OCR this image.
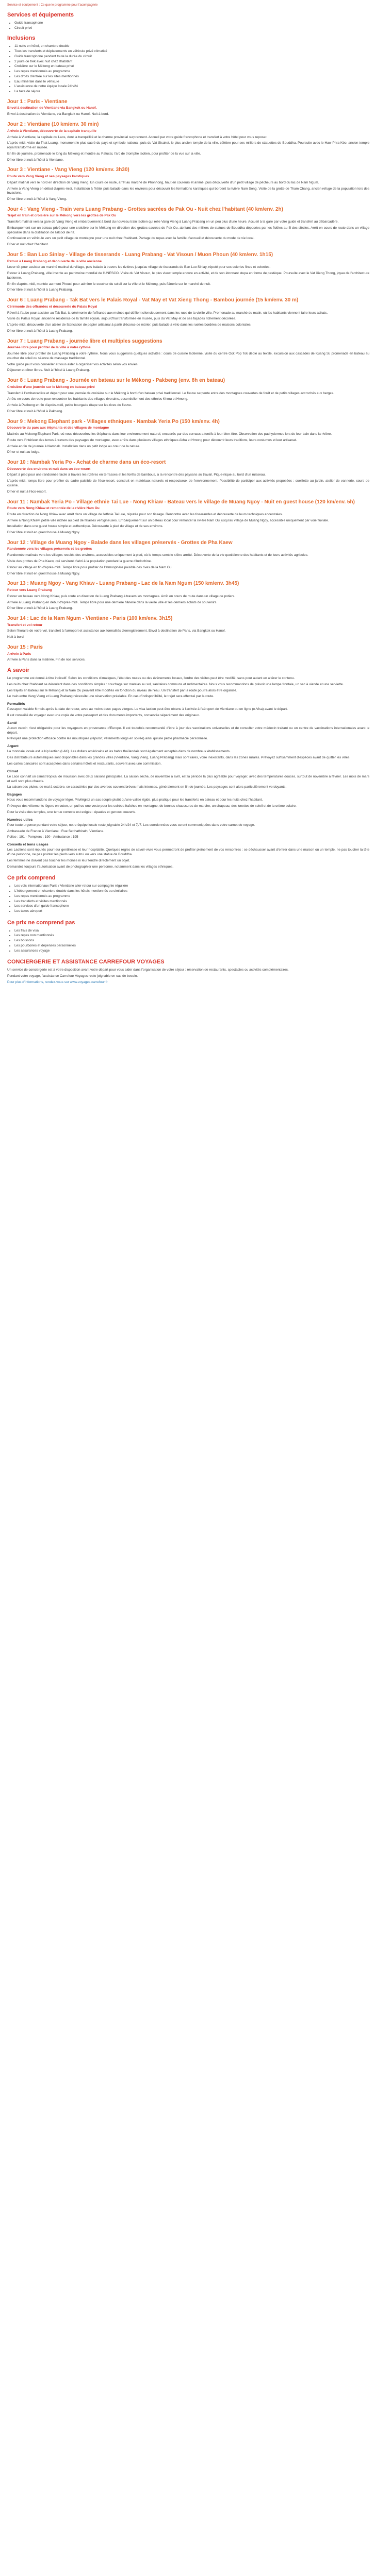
Service et équipement : Ce que le programme pour l'acompagnée
Services et équipements
• Guide francophone
• Circuit privé
Inclusions
• 11 nuits en hôtel, en chambre double
• Tous les transferts et déplacements en véhicule privé climatisé
• Guide francophone pendant toute la durée du circuit
• 2 jours de trek avec nuit chez l'habitant
• Croisière sur le Mékong en bateau privé
• Les repas mentionnés au programme
• Les droits d'entrée sur les sites mentionnés
• Eau minérale dans le véhicule
• L'assistance de notre équipe locale 24h/24
• La taxe de séjour
Jour 1 : Paris - Vientiane
Envol à destination de Vientiane via Bangkok ou Hanoï.

Envol à destination de Vientiane, via Bangkok ou Hanoï. Nuit à bord.

Jour 2 : Vientiane (10 km/env. 30 min)
Arrivée à Vientiane, découverte de la capitale tranquille

Arrivée à Vientiane, la capitale du Laos, dont la tranquillité et le charme provincial surprennent. Accueil par votre guide francophone et transfert à votre hôtel pour vous reposer.

L'après-midi, visite du That Luang, monument le plus sacré du pays et symbole national, puis du Vat Sisaket, le plus ancien temple de la ville, célèbre pour ses milliers de statuettes de Bouddha. Poursuite avec le Haw Phra Kéo, ancien temple royal transformé en musée.

En fin de journée, promenade le long du Mékong et montée au Patuxai, l'arc de triomphe laotien, pour profiter de la vue sur la ville.

Dîner libre et nuit à l'hôtel à Vientiane.

Jour 3 : Vientiane - Vang Vieng (120 km/env. 3h30)
Route vers Vang Vieng et ses paysages karstiques

Départ matinal vers le nord en direction de Vang Vieng. En cours de route, arrêt au marché de Phonhong, haut en couleurs et animé, puis découverte d'un petit village de pêcheurs au bord du lac de Nam Ngum.

Arrivée à Vang Vieng en début d'après-midi. Installation à l'hôtel puis balade dans les environs pour découvrir les formations karstiques qui bordent la rivière Nam Song. Visite de la grotte de Tham Chang, ancien refuge de la population lors des invasions.

Dîner libre et nuit à l'hôtel à Vang Vieng.

Jour 4 : Vang Vieng - Train vers Luang Prabang - Grottes sacrées de Pak Ou - Nuit chez l'habitant (40 km/env. 2h)
Trajet en train et croisière sur le Mékong vers les grottes de Pak Ou

Transfert matinal vers la gare de Vang Vieng et embarquement à bord du nouveau train laotien qui relie Vang Vieng à Luang Prabang en un peu plus d'une heure. Accueil à la gare par votre guide et transfert au débarcadère.

Embarquement sur un bateau privé pour une croisière sur le Mékong en direction des grottes sacrées de Pak Ou, abritant des milliers de statues de Bouddha déposées par les fidèles au fil des siècles. Arrêt en cours de route dans un village spécialisé dans la distillation de l'alcool de riz.

Continuation en véhicule vers un petit village de montagne pour une nuit chez l'habitant. Partage du repas avec la famille d'accueil et découverte du mode de vie local.

Dîner et nuit chez l'habitant.

Jour 5 : Ban Luo Sinlay - Village de tisserands - Luang Prabang - Vat Visoun / Muon Phoun (40 km/env. 1h15)
Retour à Luang Prabang et découverte de la ville ancienne

Lever tôt pour assister au marché matinal du village, puis balade à travers les rizières jusqu'au village de tisserands de Ban Luo Sinlay, réputé pour ses soieries fines et colorées.

Retour à Luang Prabang, ville inscrite au patrimoine mondial de l'UNESCO. Visite du Vat Visoun, le plus vieux temple encore en activité, et de son étonnant stupa en forme de pastèque. Poursuite avec le Vat Xieng Thong, joyau de l'architecture laotienne.

En fin d'après-midi, montée au mont Phousi pour admirer le coucher du soleil sur la ville et le Mékong, puis flânerie sur le marché de nuit.

Dîner libre et nuit à l'hôtel à Luang Prabang.

Jour 6 : Luang Prabang - Tak Bat vers le Palais Royal - Vat May et Vat Xieng Thong - Bambou journée (15 km/env. 30 m)
Cérémonie des offrandes et découverte du Palais Royal

Réveil à l'aube pour assister au Tak Bat, la cérémonie de l'offrande aux moines qui défilent silencieusement dans les rues de la vieille ville. Promenade au marché du matin, où les habitants viennent faire leurs achats.

Visite du Palais Royal, ancienne résidence de la famille royale, aujourd'hui transformée en musée, puis du Vat May et de ses façades richement décorées.

L'après-midi, découverte d'un atelier de fabrication de papier artisanal à partir d'écorce de mûrier, puis balade à vélo dans les ruelles bordées de maisons coloniales.

Dîner libre et nuit à l'hôtel à Luang Prabang.

Jour 7 : Luang Prabang - journée libre et multiples suggestions
Journée libre pour profiter de la ville à votre rythme

Journée libre pour profiter de Luang Prabang à votre rythme. Nous vous suggérons quelques activités : cours de cuisine laotienne, visite du centre Ock Pop Tok dédié au textile, excursion aux cascades de Kuang Si, promenade en bateau au coucher du soleil ou séance de massage traditionnel.

Votre guide peut vous conseiller et vous aider à organiser vos activités selon vos envies.

Déjeuner et dîner libres. Nuit à l'hôtel à Luang Prabang.

Jour 8 : Luang Prabang - Journée en bateau sur le Mékong - Pakbeng (env. 8h en bateau)
Croisière d'une journée sur le Mékong en bateau privé

Transfert à l'embarcadère et départ pour une journée de croisière sur le Mékong à bord d'un bateau privé traditionnel. Le fleuve serpente entre des montagnes couvertes de forêt et de petits villages accrochés aux berges.

Arrêts en cours de route pour rencontrer les habitants des villages riverains, essentiellement des ethnies Khmu et Hmong.

Arrivée à Pakbeng en fin d'après-midi, petite bourgade étape sur les rives du fleuve.

Dîner libre et nuit à l'hôtel à Pakbeng.

Jour 9 : Mekong Elephant park - Villages ethniques - Nambak Yeria Po (150 km/env. 4h)
Découverte du parc aux éléphants et des villages de montagne

Matinée au Mekong Elephant Park, où vous découvrirez les éléphants dans leur environnement naturel, encadrés par des cornacs attentifs à leur bien-être. Observation des pachydermes lors de leur bain dans la rivière.

Route vers l'intérieur des terres à travers des paysages de montagne, avec arrêts dans plusieurs villages ethniques Akha et Hmong pour découvrir leurs traditions, leurs costumes et leur artisanat.

Arrivée en fin de journée à Nambak. Installation dans un petit lodge au cœur de la nature.

Dîner et nuit au lodge.

Jour 10 : Nambak Yeria Po - Achat de charme dans un éco-resort
Découverte des environs et nuit dans un éco-resort

Départ à pied pour une randonnée facile à travers les rizières en terrasses et les forêts de bambous, à la rencontre des paysans au travail. Pique-nique au bord d'un ruisseau.

L'après-midi, temps libre pour profiter du cadre paisible de l'éco-resort, construit en matériaux naturels et respectueux de l'environnement. Possibilité de participer aux activités proposées : cueillette au jardin, atelier de vannerie, cours de cuisine.

Dîner et nuit à l'éco-resort.

Jour 11 : Nambak Yeria Po - Village ethnie Tai Lue - Nong Khiaw - Bateau vers le village de Muang Ngoy - Nuit en guest house (120 km/env. 5h)
Route vers Nong Khiaw et remontée de la rivière Nam Ou

Route en direction de Nong Khiaw avec arrêt dans un village de l'ethnie Tai Lue, réputée pour son tissage. Rencontre avec les tisserandes et découverte de leurs techniques ancestrales.

Arrivée à Nong Khiaw, petite ville nichée au pied de falaises vertigineuses. Embarquement sur un bateau local pour remonter la rivière Nam Ou jusqu'au village de Muang Ngoy, accessible uniquement par voie fluviale.

Installation dans une guest house simple et authentique. Découverte à pied du village et de ses environs.

Dîner libre et nuit en guest house à Muang Ngoy.

Jour 12 : Village de Muang Ngoy - Balade dans les villages préservés - Grottes de Pha Kaew
Randonnée vers les villages préservés et les grottes

Randonnée matinale vers les villages reculés des environs, accessibles uniquement à pied, où le temps semble s'être arrêté. Découverte de la vie quotidienne des habitants et de leurs activités agricoles.

Visite des grottes de Pha Kaew, qui servirent d'abri à la population pendant la guerre d'Indochine.

Retour au village en fin d'après-midi. Temps libre pour profiter de l'atmosphère paisible des rives de la Nam Ou.

Dîner libre et nuit en guest house à Muang Ngoy.

Jour 13 : Muang Ngoy - Vang Khiaw - Luang Prabang - Lac de la Nam Ngum (150 km/env. 3h45)
Retour vers Luang Prabang

Retour en bateau vers Nong Khiaw, puis route en direction de Luang Prabang à travers les montagnes. Arrêt en cours de route dans un village de potiers.

Arrivée à Luang Prabang en début d'après-midi. Temps libre pour une dernière flânerie dans la vieille ville et les derniers achats de souvenirs.

Dîner libre et nuit à l'hôtel à Luang Prabang.

Jour 14 : Lac de la Nam Ngum - Vientiane - Paris (100 km/env. 3h15)
Transfert et vol retour

Selon l'horaire de votre vol, transfert à l'aéroport et assistance aux formalités d'enregistrement. Envol à destination de Paris, via Bangkok ou Hanoï.

Nuit à bord.

Jour 15 : Paris
Arrivée à Paris

Arrivée à Paris dans la matinée. Fin de nos services.

A savoir

Le programme est donné à titre indicatif. Selon les conditions climatiques, l'état des routes ou des événements locaux, l'ordre des visites peut être modifié, sans pour autant en altérer le contenu.

Les nuits chez l'habitant se déroulent dans des conditions simples : couchage sur matelas au sol, sanitaires communs et rudimentaires. Nous vous recommandons de prévoir une lampe frontale, un sac à viande et une serviette.

Les trajets en bateau sur le Mékong et la Nam Ou peuvent être modifiés en fonction du niveau de l'eau. Un transfert par la route pourra alors être organisé.

Le train entre Vang Vieng et Luang Prabang nécessite une réservation préalable. En cas d'indisponibilité, le trajet sera effectué par la route.

Formalités

Passeport valable 6 mois après la date de retour, avec au moins deux pages vierges. Le visa laotien peut être obtenu à l'arrivée à l'aéroport de Vientiane ou en ligne (e-Visa) avant le départ.

Il est conseillé de voyager avec une copie de votre passeport et des documents importants, conservée séparément des originaux.

Santé

Aucun vaccin n'est obligatoire pour les voyageurs en provenance d'Europe. Il est toutefois recommandé d'être à jour des vaccinations universelles et de consulter votre médecin traitant ou un centre de vaccinations internationales avant le départ.

Prévoyez une protection efficace contre les moustiques (répulsif, vêtements longs en soirée) ainsi qu'une petite pharmacie personnelle.

Argent

La monnaie locale est le kip laotien (LAK). Les dollars américains et les bahts thaïlandais sont également acceptés dans de nombreux établissements.

Des distributeurs automatiques sont disponibles dans les grandes villes (Vientiane, Vang Vieng, Luang Prabang) mais sont rares, voire inexistants, dans les zones rurales. Prévoyez suffisamment d'espèces avant de quitter les villes.

Les cartes bancaires sont acceptées dans certains hôtels et restaurants, souvent avec une commission.

Climat

Le Laos connaît un climat tropical de mousson avec deux saisons principales. La saison sèche, de novembre à avril, est la période la plus agréable pour voyager, avec des températures douces, surtout de novembre à février. Les mois de mars et avril sont plus chauds.

La saison des pluies, de mai à octobre, se caractérise par des averses souvent brèves mais intenses, généralement en fin de journée. Les paysages sont alors particulièrement verdoyants.

Bagages

Nous vous recommandons de voyager léger. Privilégiez un sac souple plutôt qu'une valise rigide, plus pratique pour les transferts en bateau et pour les nuits chez l'habitant.

Prévoyez des vêtements légers en coton, un pull ou une veste pour les soirées fraîches en montagne, de bonnes chaussures de marche, un chapeau, des lunettes de soleil et de la crème solaire.

Pour la visite des temples, une tenue correcte est exigée : épaules et genoux couverts.

Numéros utiles

Pour toute urgence pendant votre séjour, notre équipe locale reste joignable 24h/24 et 7j/7. Les coordonnées vous seront communiquées dans votre carnet de voyage.

Ambassade de France à Vientiane : Rue Setthathirath, Vientiane.

Police : 191 - Pompiers : 190 - Ambulance : 195

Conseils et bons usages

Les Laotiens sont réputés pour leur gentillesse et leur hospitalité. Quelques règles de savoir-vivre vous permettront de profiter pleinement de vos rencontres : se déchausser avant d'entrer dans une maison ou un temple, ne pas toucher la tête d'une personne, ne pas pointer les pieds vers autrui ou vers une statue de Bouddha.

Les femmes ne doivent pas toucher les moines ni leur tendre directement un objet.

Demandez toujours l'autorisation avant de photographier une personne, notamment dans les villages ethniques.

Ce prix comprend
• Les vols internationaux Paris / Vientiane aller-retour sur compagnie régulière
• L'hébergement en chambre double dans les hôtels mentionnés ou similaires
• Les repas mentionnés au programme
• Les transferts et visites mentionnés
• Les services d'un guide francophone
• Les taxes aéroport
Ce prix ne comprend pas
• Les frais de visa
• Les repas non mentionnés
• Les boissons
• Les pourboires et dépenses personnelles
• Les assurances voyage
CONCIERGERIE ET ASSISTANCE CARREFOUR VOYAGES

Un service de conciergerie est à votre disposition avant votre départ pour vous aider dans l'organisation de votre séjour : réservation de restaurants, spectacles ou activités complémentaires.

Pendant votre voyage, l'assistance Carrefour Voyages reste joignable en cas de besoin.

Pour plus d'informations, rendez-vous sur www.voyages.carrefour.fr
